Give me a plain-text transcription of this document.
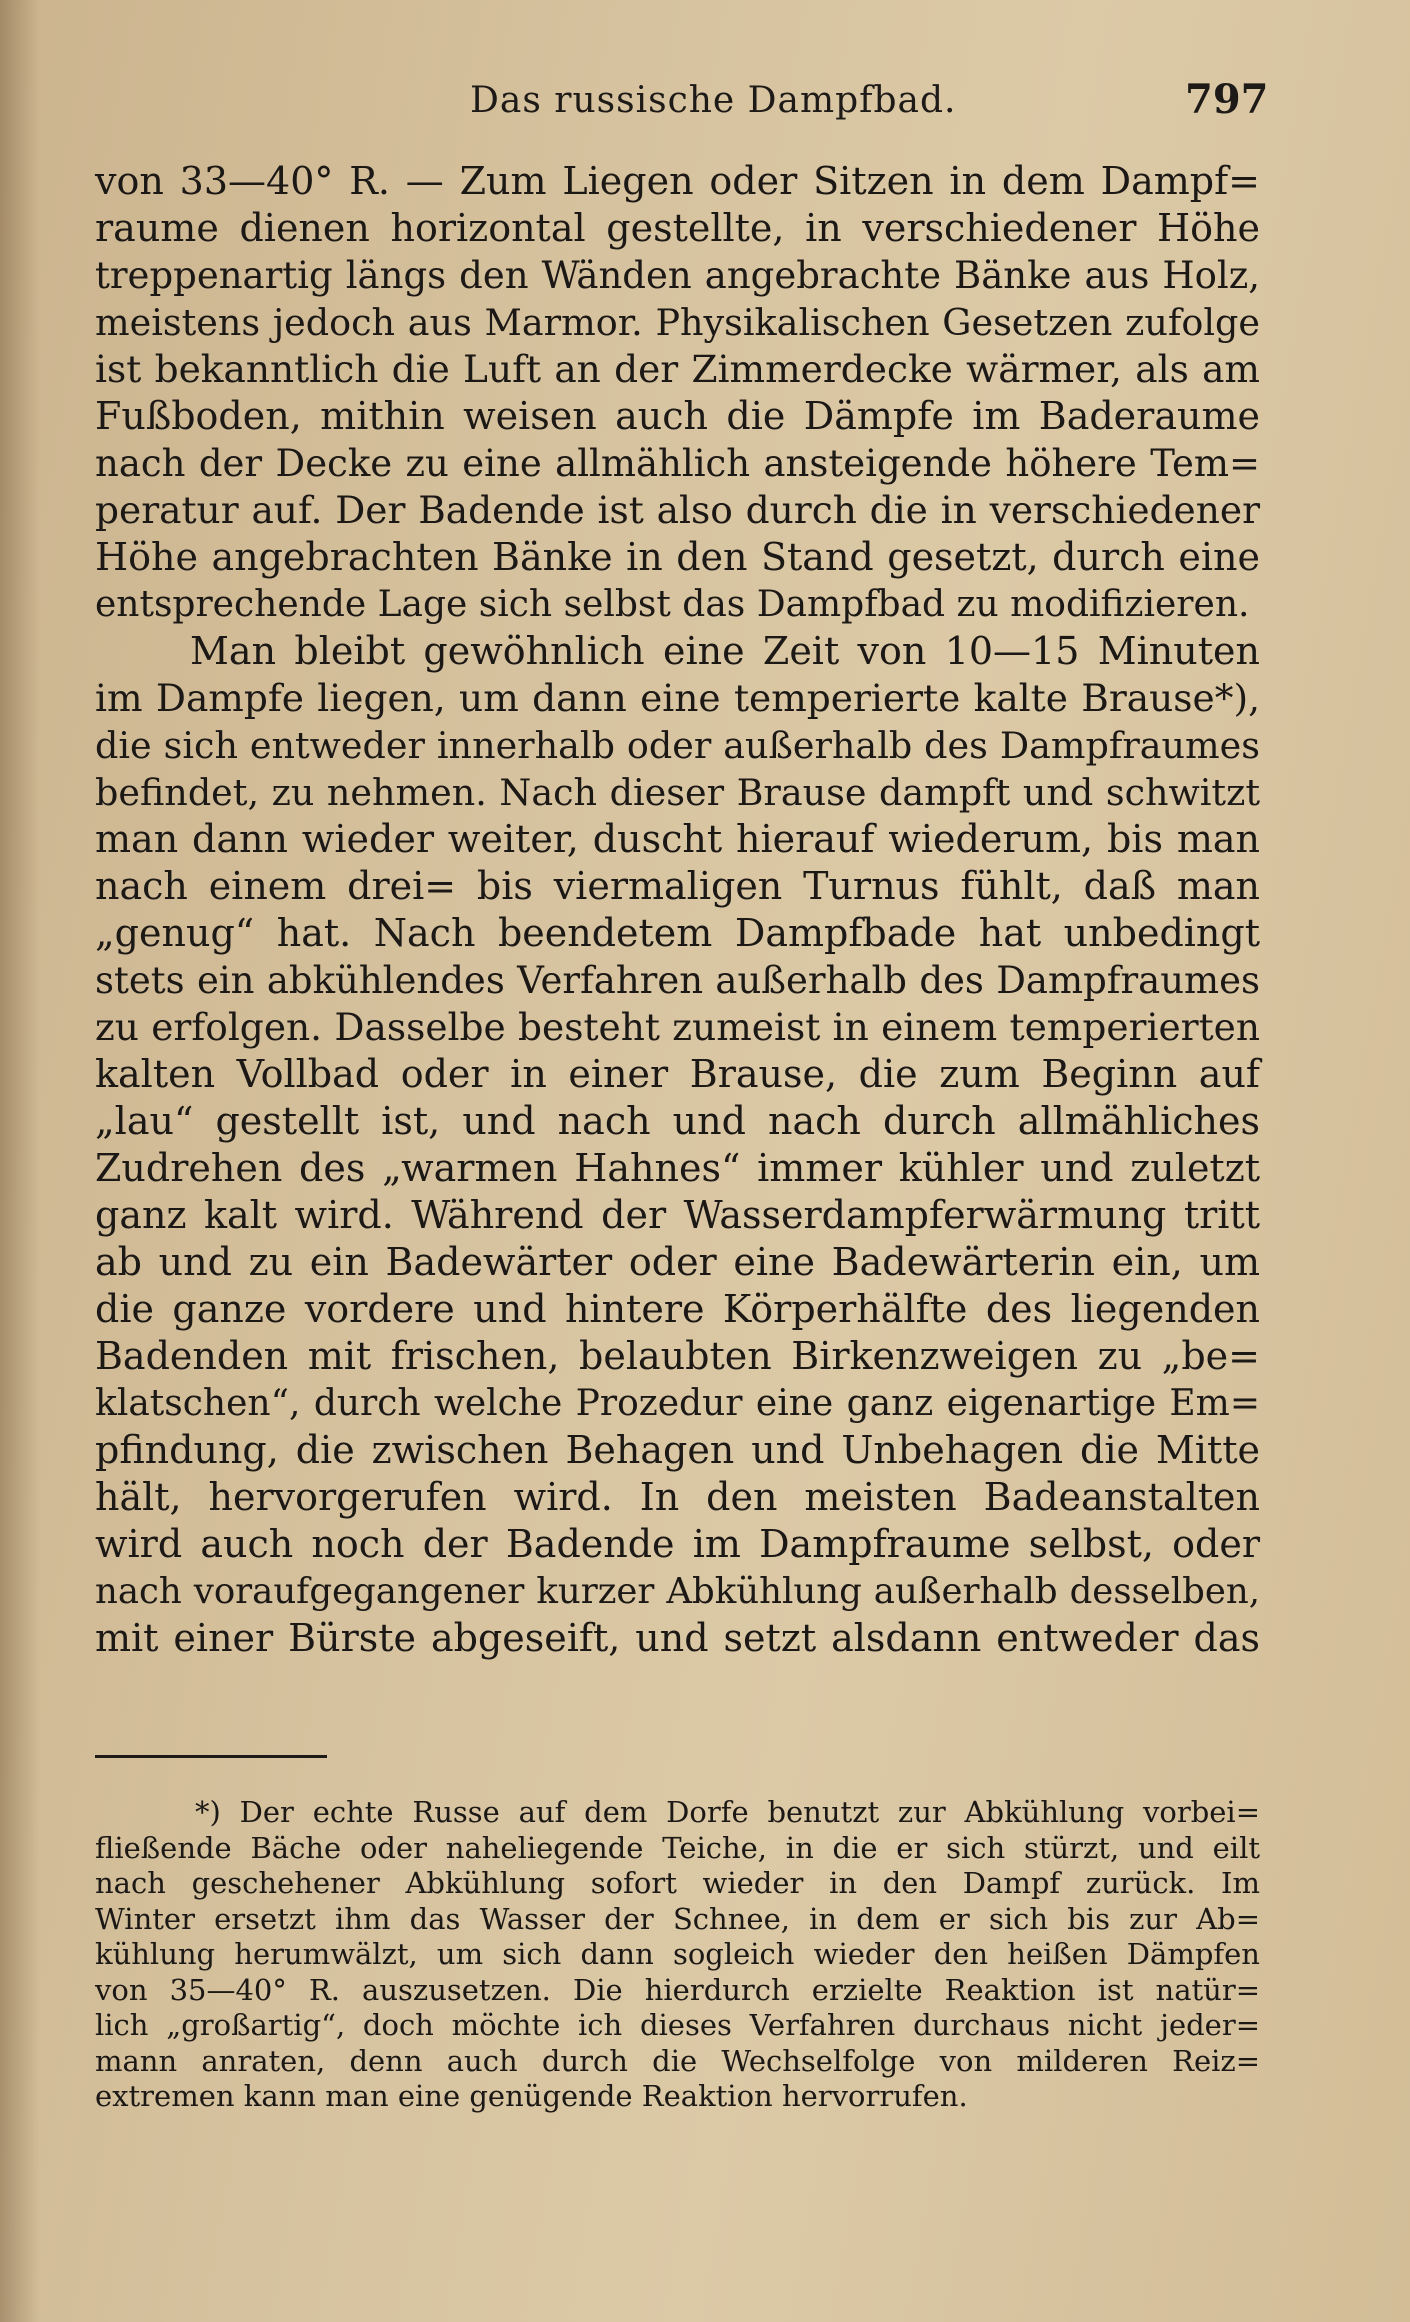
Das russische Dampfbad.	797
von 33—40° R. — Zum Liegen oder Sitzen in dem Dampf=
raume dienen horizontal gestellte, in verschiedener Höhe
treppenartig längs den Wänden angebrachte Bänke aus Holz,
meistens jedoch aus Marmor. Physikalischen Gesetzen zufolge
ist bekanntlich die Luft an der Zimmerdecke wärmer, als am
Fußboden, mithin weisen auch die Dämpfe im Baderaume
nach der Decke zu eine allmählich ansteigende höhere Tem=
peratur auf. Der Badende ist also durch die in verschiedener
Höhe angebrachten Bänke in den Stand gesetzt, durch eine
entsprechende Lage sich selbst das Dampfbad zu modifizieren.
Man bleibt gewöhnlich eine Zeit von 10—15 Minuten
im Dampfe liegen, um dann eine temperierte kalte Brause*),
die sich entweder innerhalb oder außerhalb des Dampfraumes
befindet, zu nehmen. Nach dieser Brause dampft und schwitzt
man dann wieder weiter, duscht hierauf wiederum, bis man
nach einem drei= bis viermaligen Turnus fühlt, daß man
„genug“ hat. Nach beendetem Dampfbade hat unbedingt
stets ein abkühlendes Verfahren außerhalb des Dampfraumes
zu erfolgen. Dasselbe besteht zumeist in einem temperierten
kalten Vollbad oder in einer Brause, die zum Beginn auf
„lau“ gestellt ist, und nach und nach durch allmähliches
Zudrehen des „warmen Hahnes“ immer kühler und zuletzt
ganz kalt wird. Während der Wasserdampferwärmung tritt
ab und zu ein Badewärter oder eine Badewärterin ein, um
die ganze vordere und hintere Körperhälfte des liegenden
Badenden mit frischen, belaubten Birkenzweigen zu „be=
klatschen“, durch welche Prozedur eine ganz eigenartige Em=
pfindung, die zwischen Behagen und Unbehagen die Mitte
hält, hervorgerufen wird. In den meisten Badeanstalten
wird auch noch der Badende im Dampfraume selbst, oder
nach voraufgegangener kurzer Abkühlung außerhalb desselben,
mit einer Bürste abgeseift, und setzt alsdann entweder das
*) Der echte Russe auf dem Dorfe benutzt zur Abkühlung vorbei=
fließende Bäche oder naheliegende Teiche, in die er sich stürzt, und eilt
nach geschehener Abkühlung sofort wieder in den Dampf zurück. Im
Winter ersetzt ihm das Wasser der Schnee, in dem er sich bis zur Ab=
kühlung herumwälzt, um sich dann sogleich wieder den heißen Dämpfen
von 35—40° R. auszusetzen. Die hierdurch erzielte Reaktion ist natür=
lich „großartig“, doch möchte ich dieses Verfahren durchaus nicht jeder=
mann anraten, denn auch durch die Wechselfolge von milderen Reiz=
extremen kann man eine genügende Reaktion hervorrufen.
